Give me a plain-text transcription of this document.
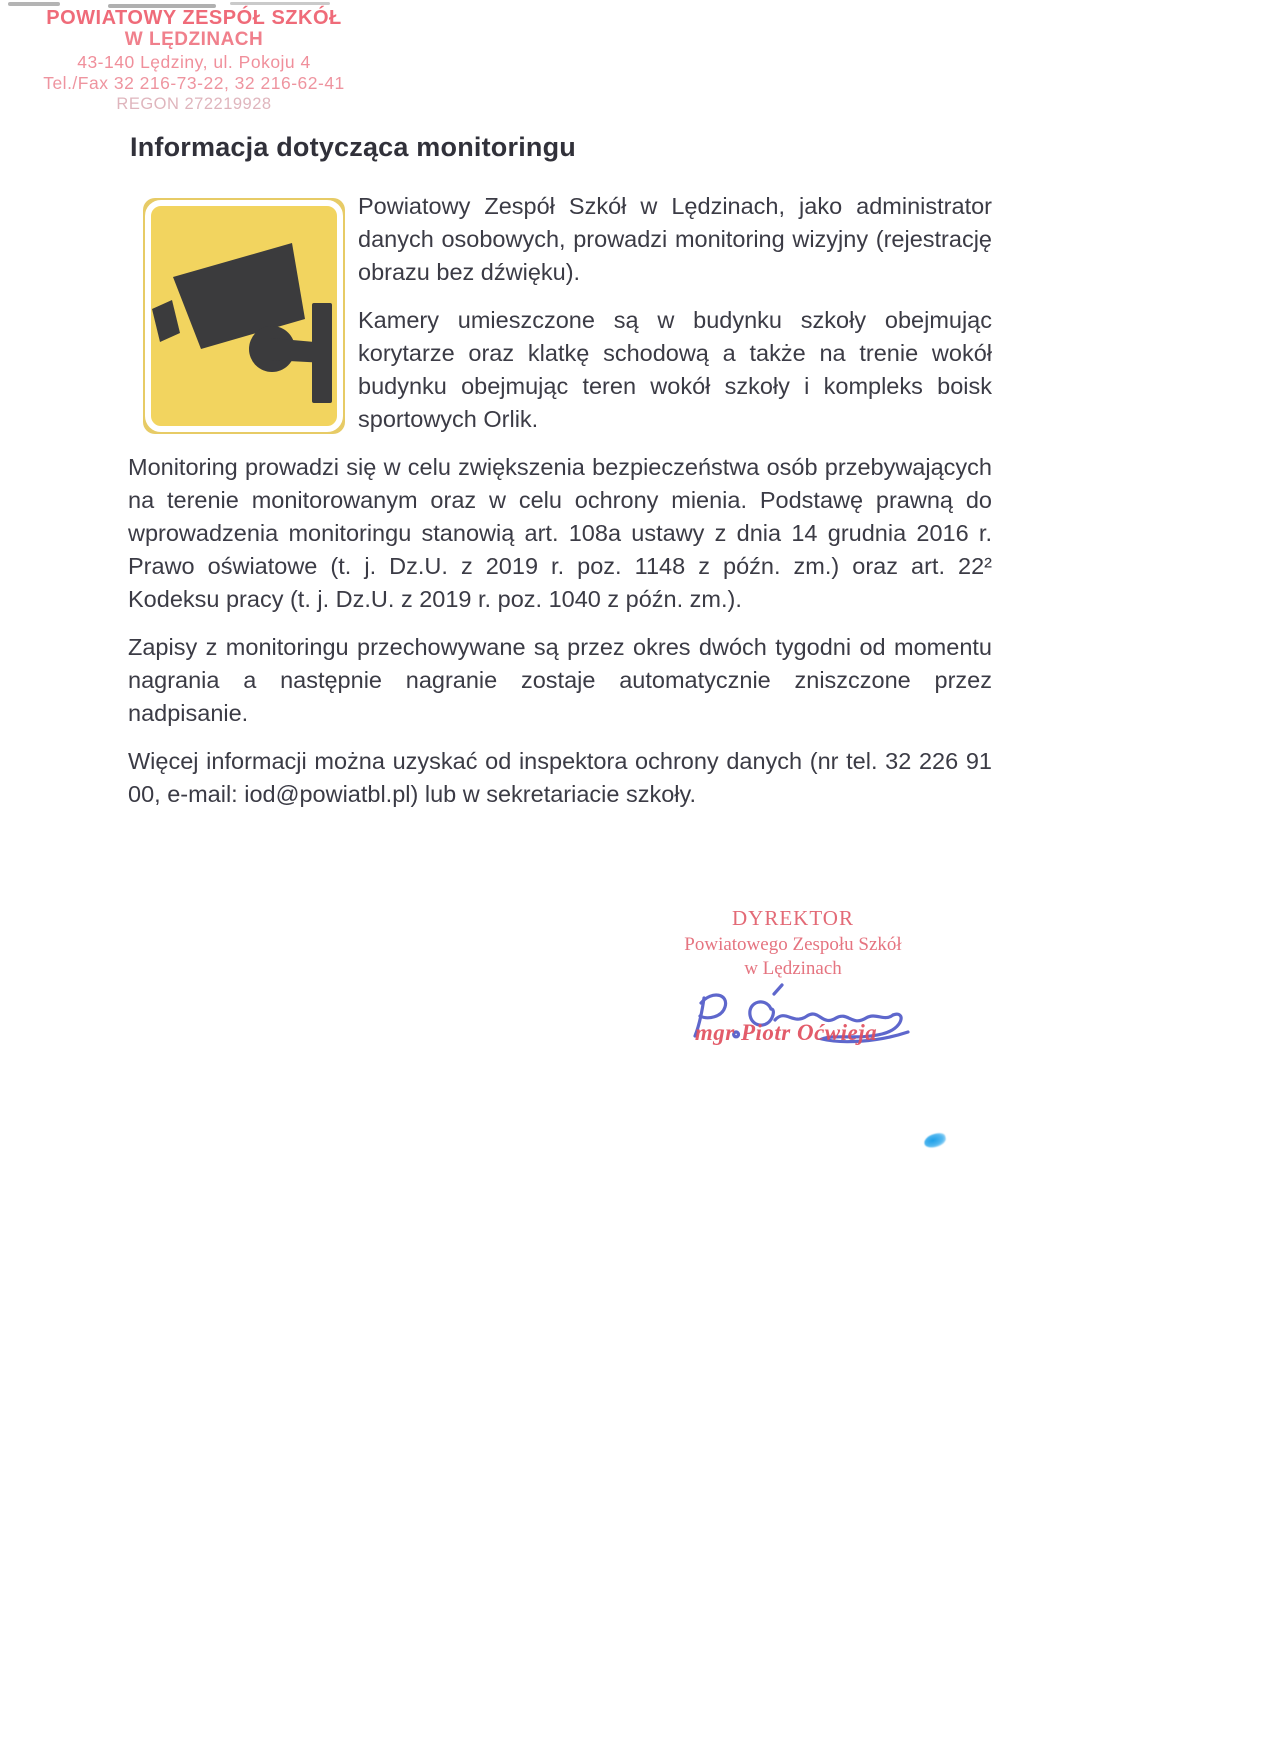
POWIATOWY ZESPÓŁ SZKÓŁ
W LĘDZINACH
43-140 Lędziny, ul. Pokoju 4
Tel./Fax 32 216-73-22, 32 216-62-41
REGON 272219928
Informacja dotycząca monitoringu

Powiatowy Zespół Szkół w Lędzinach, jako administrator danych osobowych, prowadzi monitoring wizyjny (rejestrację obrazu bez dźwięku).

Kamery umieszczone są w budynku szkoły obejmując korytarze oraz klatkę schodową a także na trenie wokół budynku obejmując teren wokół szkoły i kompleks boisk sportowych Orlik.

Monitoring prowadzi się w celu zwiększenia bezpieczeństwa osób przebywających na terenie monitorowanym oraz w celu ochrony mienia. Podstawę prawną do wprowadzenia monitoringu stanowią art. 108a ustawy z dnia 14 grudnia 2016 r. Prawo oświatowe (t. j. Dz.U. z 2019 r. poz. 1148 z późn. zm.) oraz art. 22² Kodeksu pracy (t. j. Dz.U. z 2019 r. poz. 1040 z późn. zm.).

Zapisy z monitoringu przechowywane są przez okres dwóch tygodni od momentu nagrania a następnie nagranie zostaje automatycznie zniszczone przez nadpisanie.

Więcej informacji można uzyskać od inspektora ochrony danych (nr tel. 32 226 91 00, e-mail: iod@powiatbl.pl) lub w sekretariacie szkoły.

DYREKTOR
Powiatowego Zespołu Szkół
w Lędzinach
mgr Piotr Oćwieja
